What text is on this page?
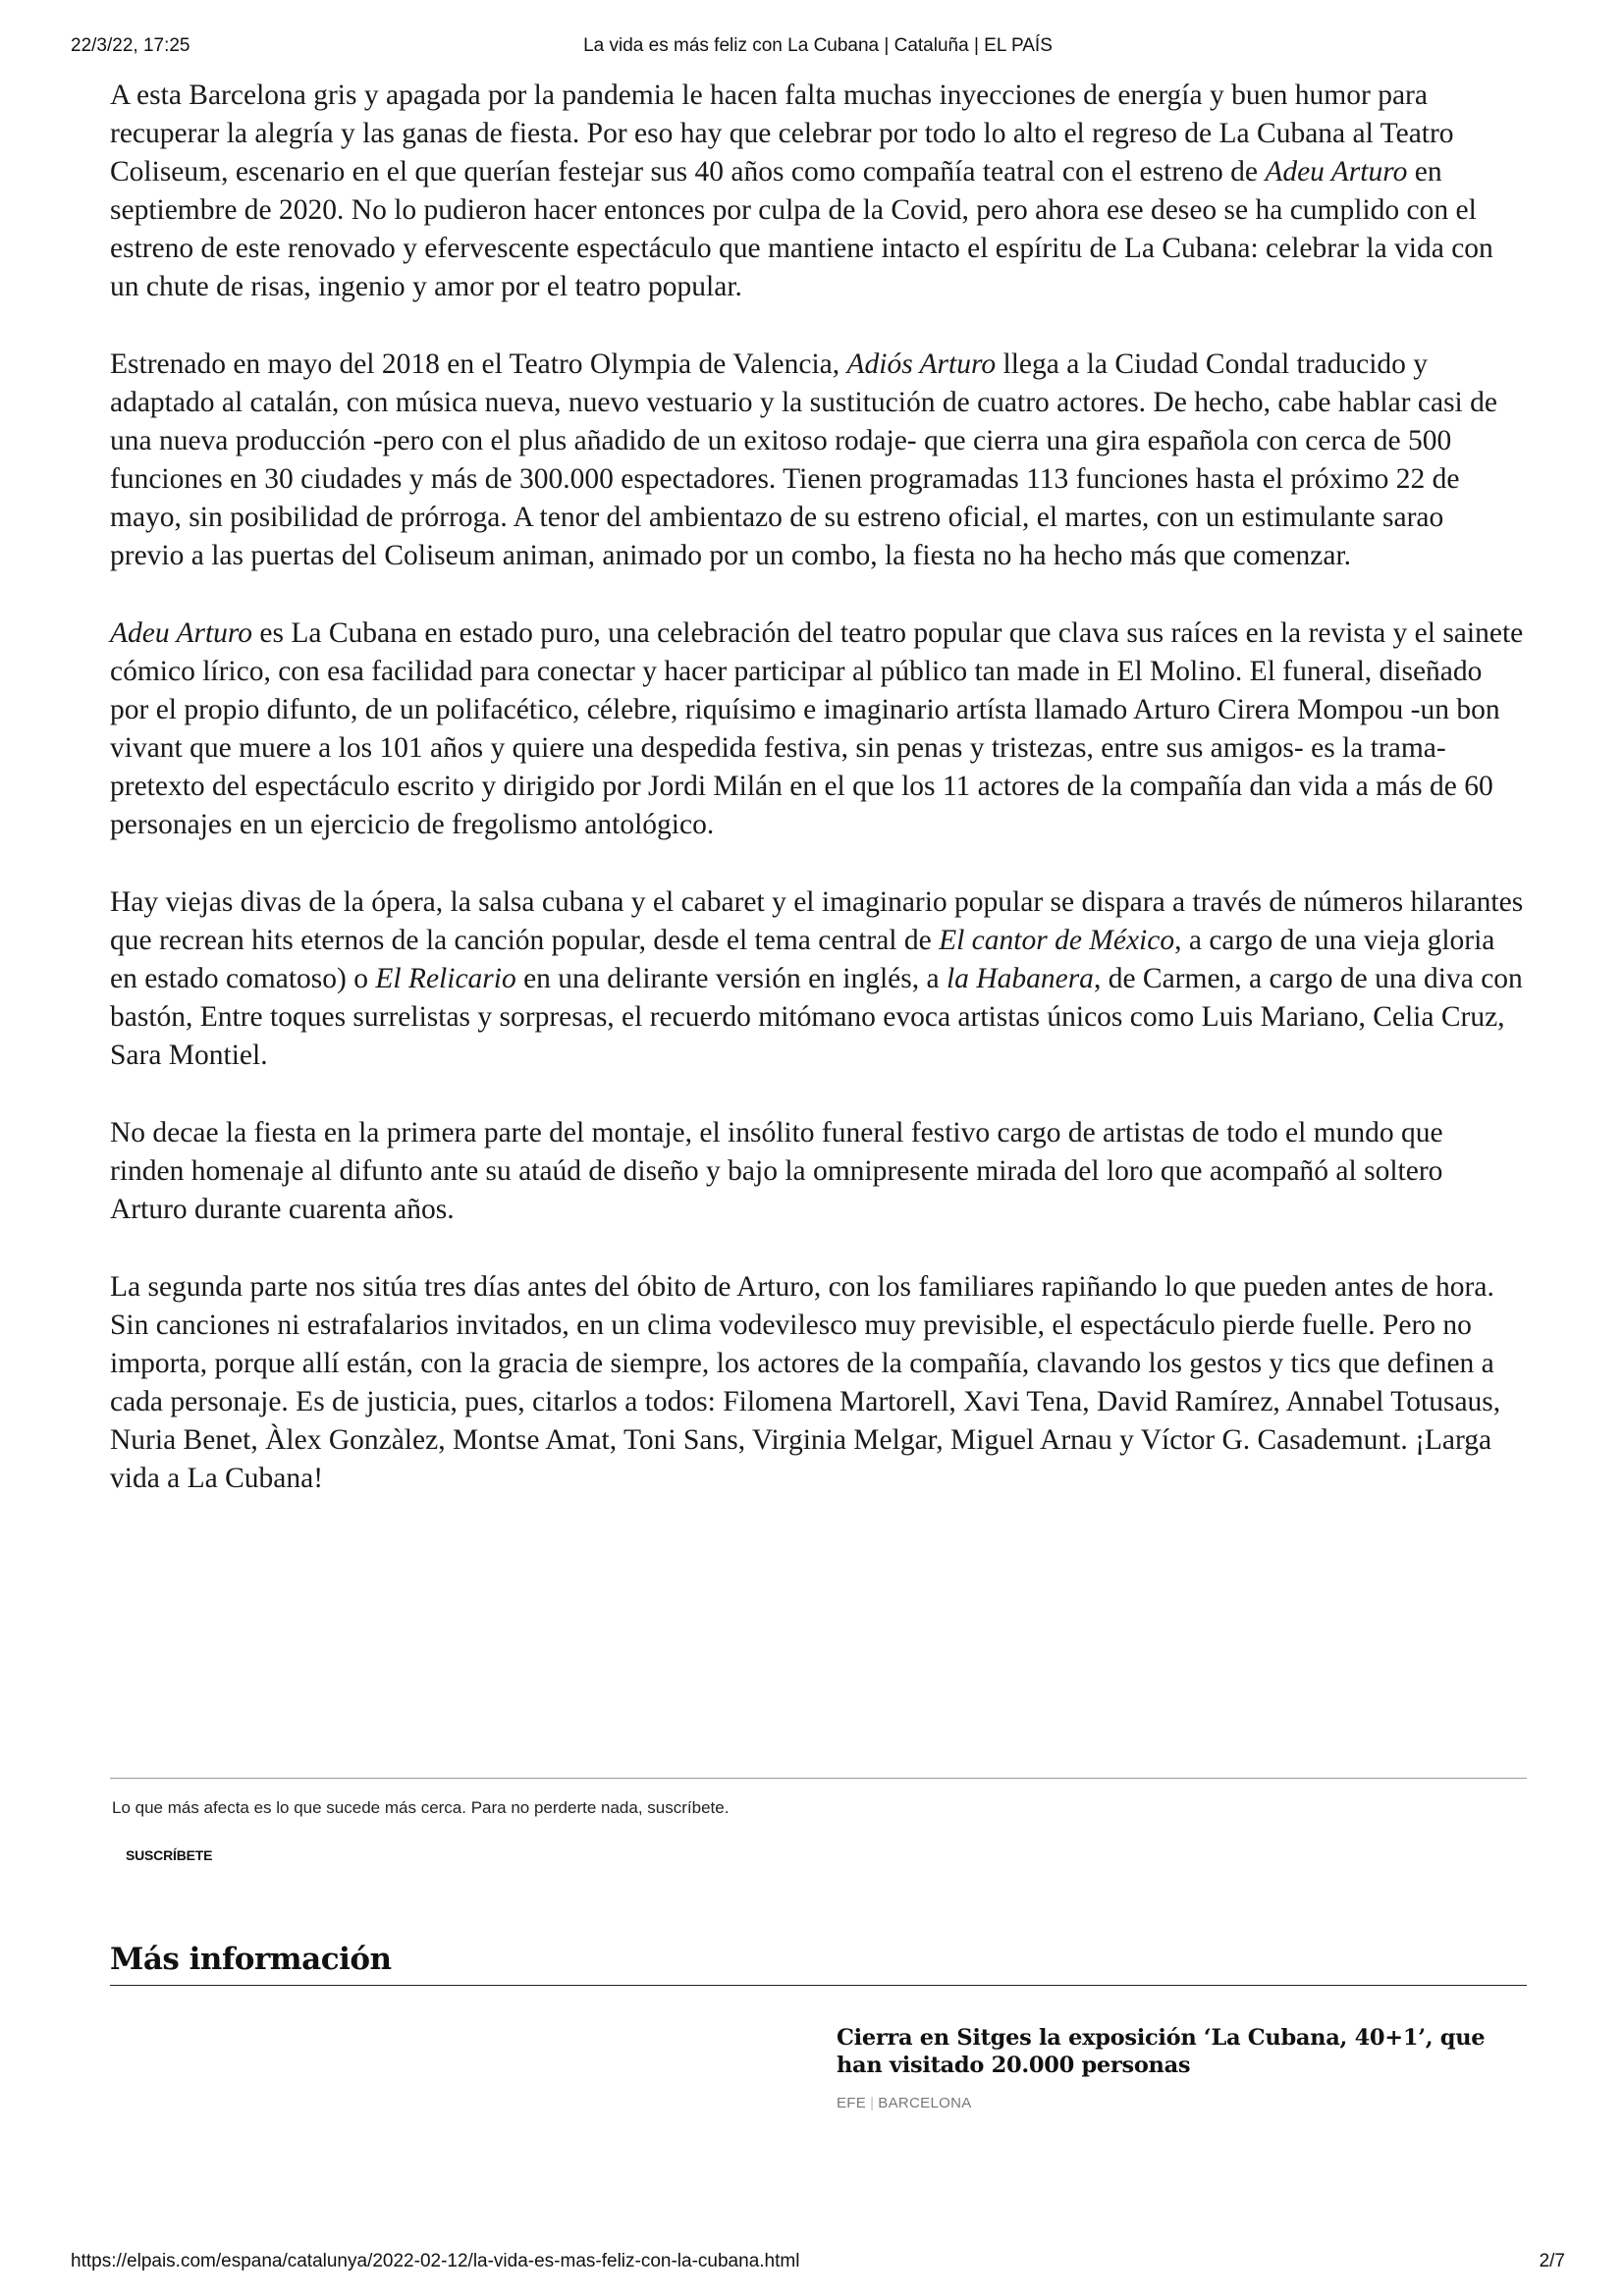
22/3/22, 17:25	La vida es más feliz con La Cubana | Cataluña | EL PAÍS

A esta Barcelona gris y apagada por la pandemia le hacen falta muchas inyecciones de energía y buen humor para recuperar la alegría y las ganas de fiesta. Por eso hay que celebrar por todo lo alto el regreso de La Cubana al Teatro Coliseum, escenario en el que querían festejar sus 40 años como compañía teatral con el estreno de Adeu Arturo en septiembre de 2020. No lo pudieron hacer entonces por culpa de la Covid, pero ahora ese deseo se ha cumplido con el estreno de este renovado y efervescente espectáculo que mantiene intacto el espíritu de La Cubana: celebrar la vida con un chute de risas, ingenio y amor por el teatro popular.

Estrenado en mayo del 2018 en el Teatro Olympia de Valencia, Adiós Arturo llega a la Ciudad Condal traducido y adaptado al catalán, con música nueva, nuevo vestuario y la sustitución de cuatro actores. De hecho, cabe hablar casi de una nueva producción -pero con el plus añadido de un exitoso rodaje- que cierra una gira española con cerca de 500 funciones en 30 ciudades y más de 300.000 espectadores. Tienen programadas 113 funciones hasta el próximo 22 de mayo, sin posibilidad de prórroga. A tenor del ambientazo de su estreno oficial, el martes, con un estimulante sarao previo a las puertas del Coliseum animan, animado por un combo, la fiesta no ha hecho más que comenzar.

Adeu Arturo es La Cubana en estado puro, una celebración del teatro popular que clava sus raíces en la revista y el sainete cómico lírico, con esa facilidad para conectar y hacer participar al público tan made in El Molino. El funeral, diseñado por el propio difunto, de un polifacético, célebre, riquísimo e imaginario artísta llamado Arturo Cirera Mompou -un bon vivant que muere a los 101 años y quiere una despedida festiva, sin penas y tristezas, entre sus amigos- es la trama-pretexto del espectáculo escrito y dirigido por Jordi Milán en el que los 11 actores de la compañía dan vida a más de 60 personajes en un ejercicio de fregolismo antológico.

Hay viejas divas de la ópera, la salsa cubana y el cabaret y el imaginario popular se dispara a través de números hilarantes que recrean hits eternos de la canción popular, desde el tema central de El cantor de México, a cargo de una vieja gloria en estado comatoso) o El Relicario en una delirante versión en inglés, a la Habanera, de Carmen, a cargo de una diva con bastón, Entre toques surrelistas y sorpresas, el recuerdo mitómano evoca artistas únicos como Luis Mariano, Celia Cruz, Sara Montiel.

No decae la fiesta en la primera parte del montaje, el insólito funeral festivo cargo de artistas de todo el mundo que rinden homenaje al difunto ante su ataúd de diseño y bajo la omnipresente mirada del loro que acompañó al soltero Arturo durante cuarenta años.

La segunda parte nos sitúa tres días antes del óbito de Arturo, con los familiares rapiñando lo que pueden antes de hora. Sin canciones ni estrafalarios invitados, en un clima vodevilesco muy previsible, el espectáculo pierde fuelle. Pero no importa, porque allí están, con la gracia de siempre, los actores de la compañía, clavando los gestos y tics que definen a cada personaje. Es de justicia, pues, citarlos a todos: Filomena Martorell, Xavi Tena, David Ramírez, Annabel Totusaus, Nuria Benet, Àlex Gonzàlez, Montse Amat, Toni Sans, Virginia Melgar, Miguel Arnau y Víctor G. Casademunt. ¡Larga vida a La Cubana!

Lo que más afecta es lo que sucede más cerca. Para no perderte nada, suscríbete.
SUSCRÍBETE
Más información
Cierra en Sitges la exposición ‘La Cubana, 40+1’, que han visitado 20.000 personas
EFE | BARCELONA
https://elpais.com/espana/catalunya/2022-02-12/la-vida-es-mas-feliz-con-la-cubana.html	2/7
